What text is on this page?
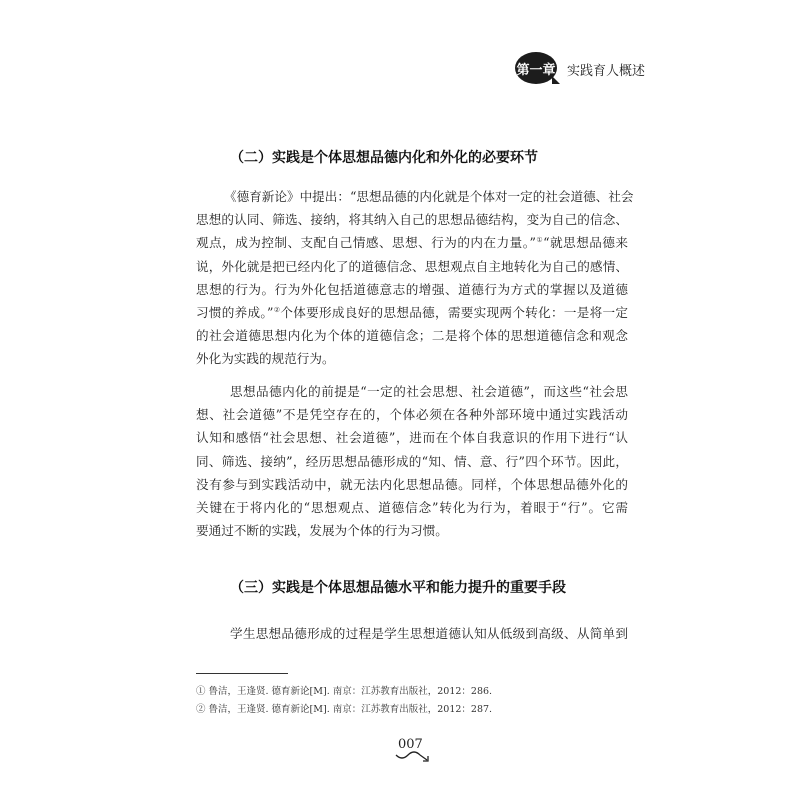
第一章 实践育人概述
（二）实践是个体思想品德内化和外化的必要环节
《德育新论》中提出：“思想品德的内化就是个体对一定的社会道德、社会
思想的认同、筛选、接纳，将其纳入自己的思想品德结构，变为自己的信念、
观点，成为控制、支配自己情感、思想、行为的内在力量。”①“就思想品德来
说，外化就是把已经内化了的道德信念、思想观点自主地转化为自己的感情、
思想的行为。行为外化包括道德意志的增强、道德行为方式的掌握以及道德
习惯的养成。”②个体要形成良好的思想品德，需要实现两个转化：一是将一定
的社会道德思想内化为个体的道德信念；二是将个体的思想道德信念和观念
外化为实践的规范行为。
思想品德内化的前提是“一定的社会思想、社会道德”，而这些“社会思
想、社会道德”不是凭空存在的，个体必须在各种外部环境中通过实践活动
认知和感悟“社会思想、社会道德”，进而在个体自我意识的作用下进行“认
同、筛选、接纳”，经历思想品德形成的“知、情、意、行”四个环节。因此，
没有参与到实践活动中，就无法内化思想品德。同样，个体思想品德外化的
关键在于将内化的“思想观点、道德信念”转化为行为，着眼于“行”。它需
要通过不断的实践，发展为个体的行为习惯。
（三）实践是个体思想品德水平和能力提升的重要手段
学生思想品德形成的过程是学生思想道德认知从低级到高级、从简单到
① 鲁洁，王逢贤. 德育新论[M]. 南京：江苏教育出版社，2012：286.
② 鲁洁，王逢贤. 德育新论[M]. 南京：江苏教育出版社，2012：287.
007
